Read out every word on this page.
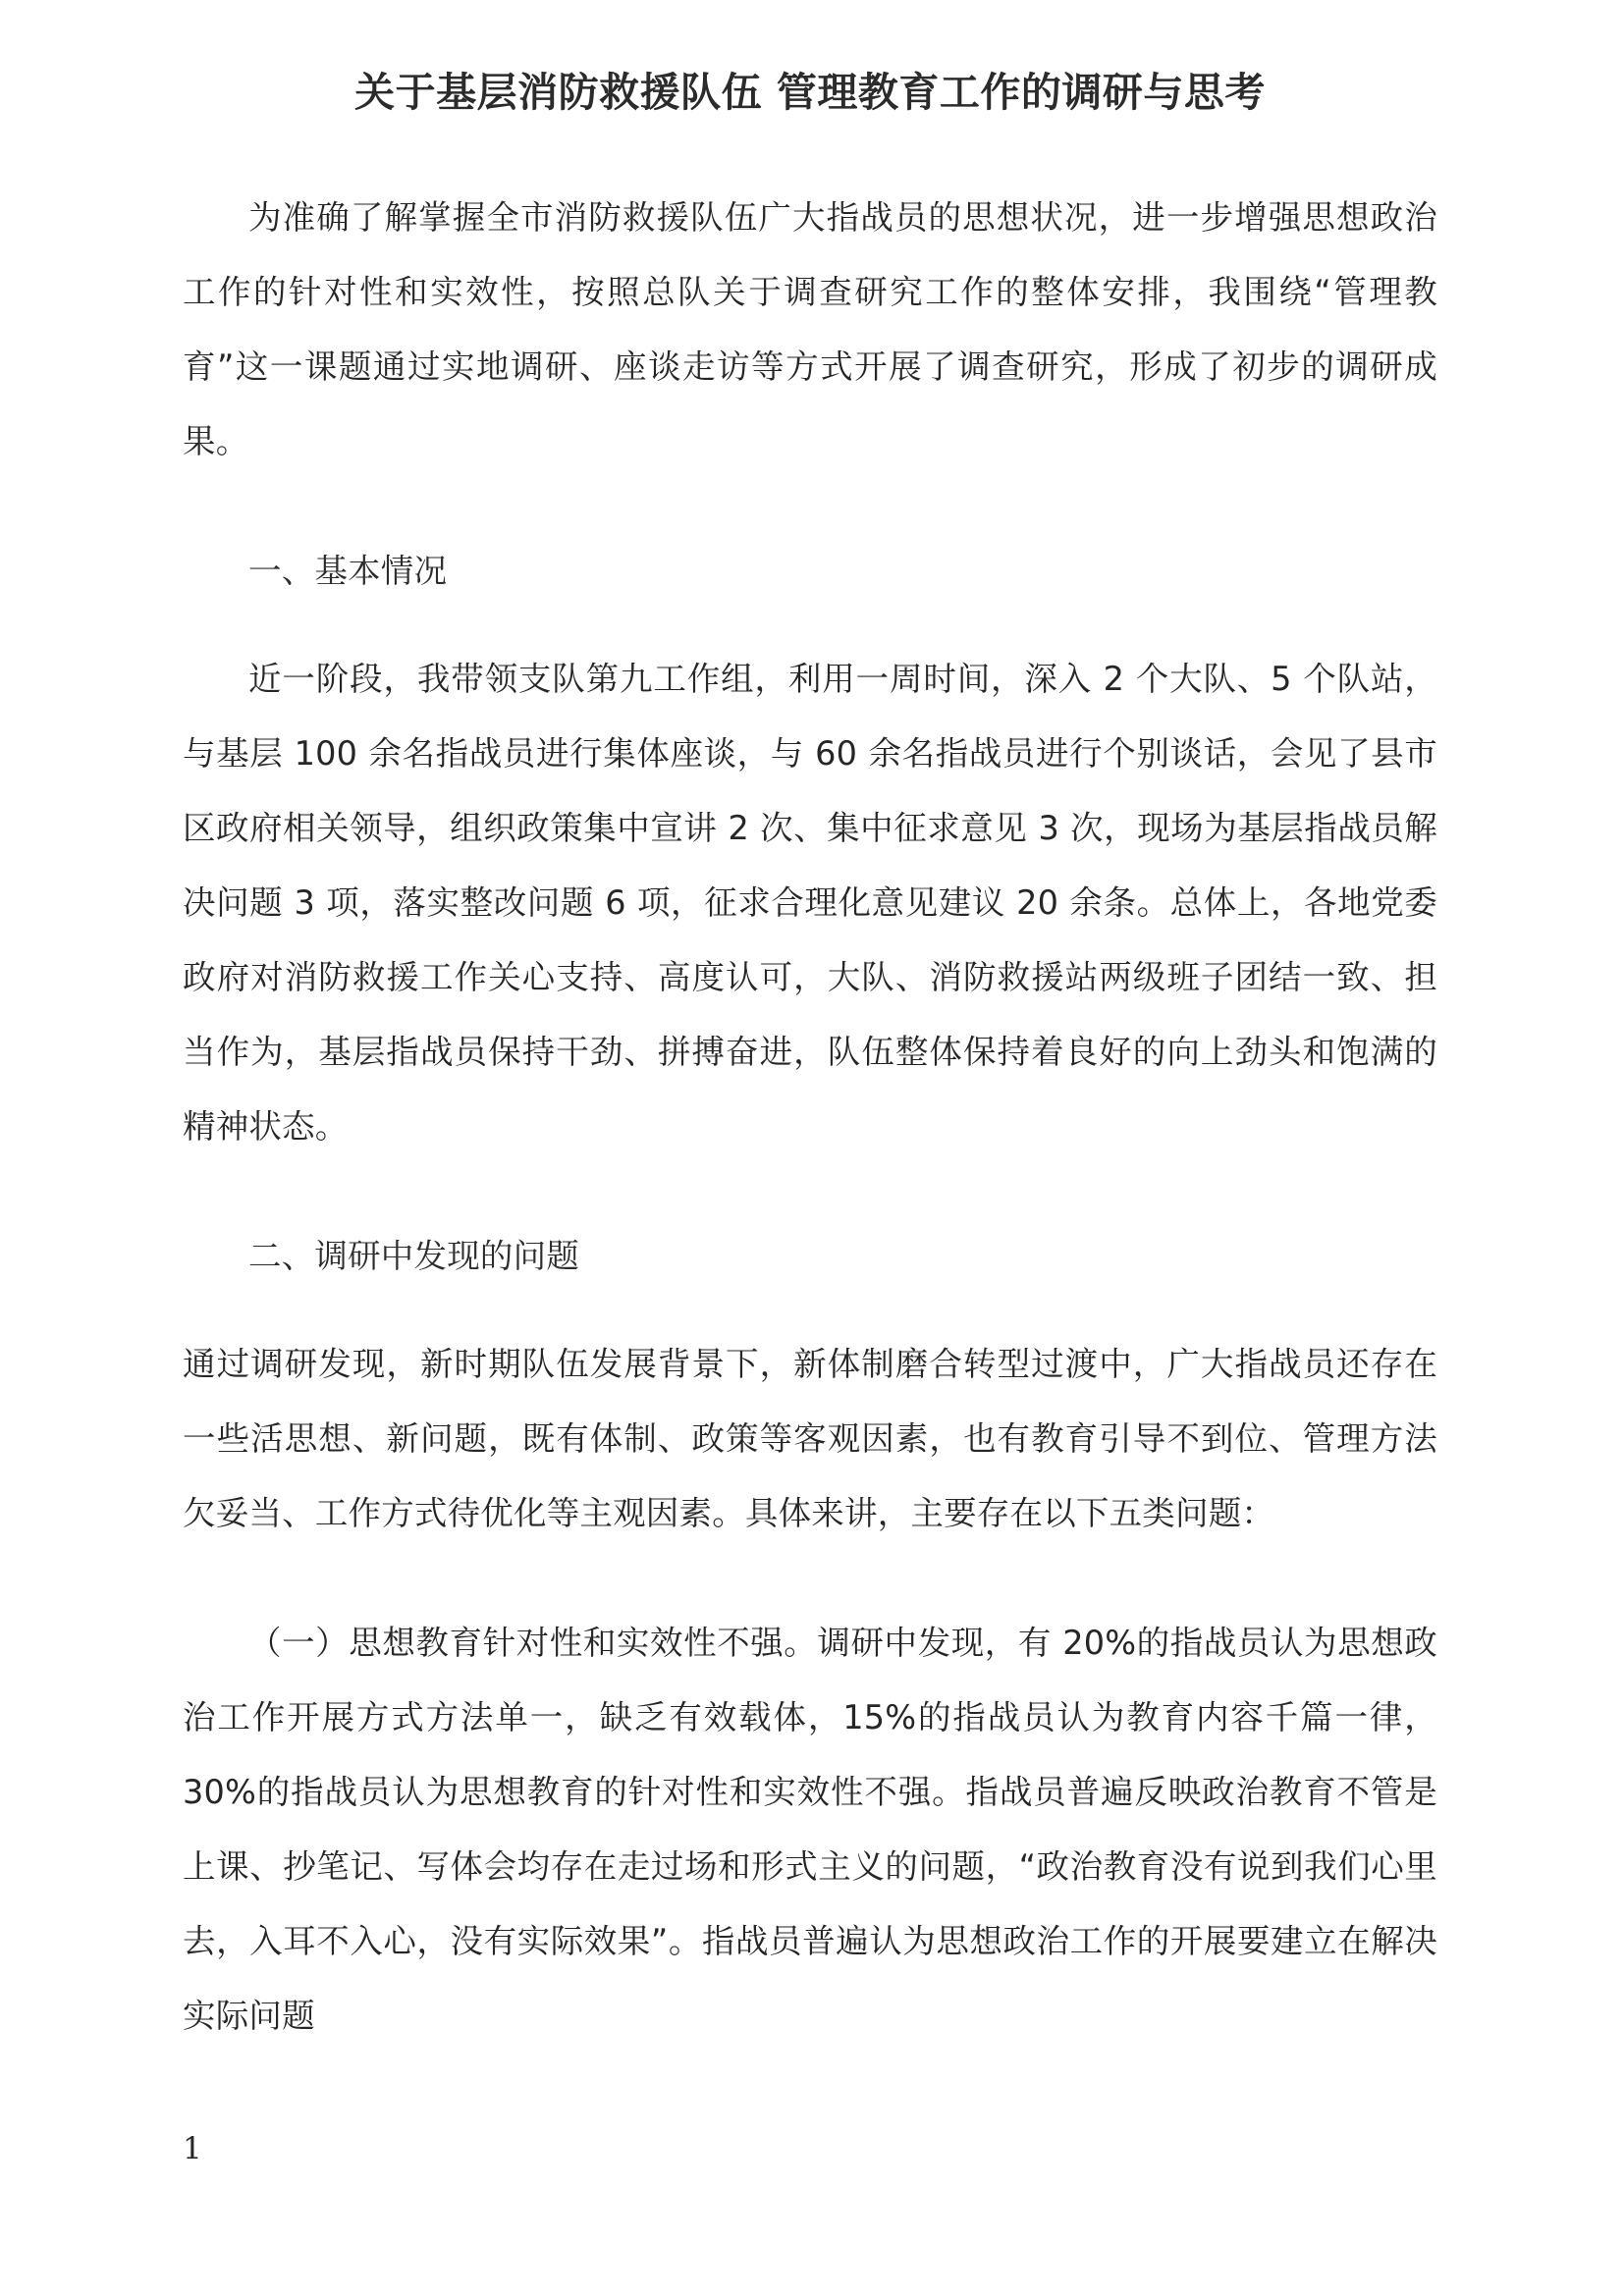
关于基层消防救援队伍 管理教育工作的调研与思考

为准确了解掌握全市消防救援队伍广大指战员的思想状况，进一步增强思想政治工作的针对性和实效性，按照总队关于调查研究工作的整体安排，我围绕“管理教育”这一课题通过实地调研、座谈走访等方式开展了调查研究，形成了初步的调研成果。

一、基本情况

近一阶段，我带领支队第九工作组，利用一周时间，深入 2 个大队、5 个队站，与基层 100 余名指战员进行集体座谈，与 60 余名指战员进行个别谈话，会见了县市区政府相关领导，组织政策集中宣讲 2 次、集中征求意见 3 次，现场为基层指战员解决问题 3 项，落实整改问题 6 项，征求合理化意见建议 20 余条。总体上，各地党委政府对消防救援工作关心支持、高度认可，大队、消防救援站两级班子团结一致、担当作为，基层指战员保持干劲、拼搏奋进，队伍整体保持着良好的向上劲头和饱满的精神状态。

二、调研中发现的问题

通过调研发现，新时期队伍发展背景下，新体制磨合转型过渡中，广大指战员还存在一些活思想、新问题，既有体制、政策等客观因素，也有教育引导不到位、管理方法欠妥当、工作方式待优化等主观因素。具体来讲，主要存在以下五类问题：

（一）思想教育针对性和实效性不强。调研中发现，有 20%的指战员认为思想政治工作开展方式方法单一，缺乏有效载体，15%的指战员认为教育内容千篇一律，30%的指战员认为思想教育的针对性和实效性不强。指战员普遍反映政治教育不管是上课、抄笔记、写体会均存在走过场和形式主义的问题，“政治教育没有说到我们心里去，入耳不入心，没有实际效果”。指战员普遍认为思想政治工作的开展要建立在解决实际问题

1
